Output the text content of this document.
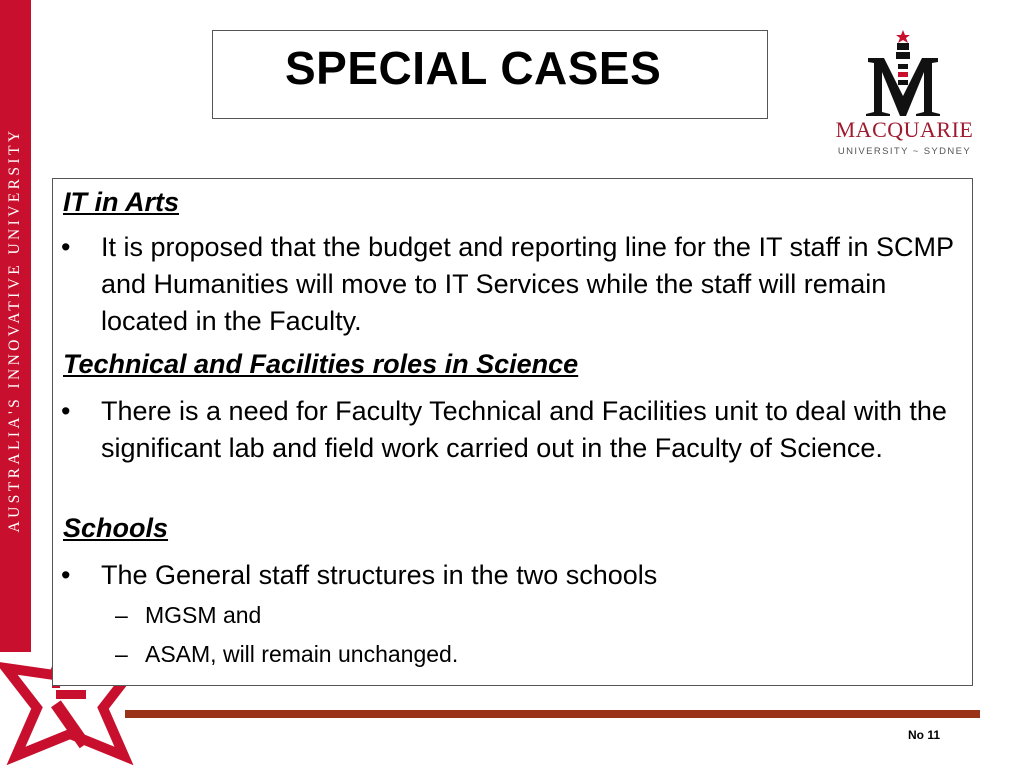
AUSTRALIA'S INNOVATIVE UNIVERSITY
SPECIAL CASES
MACQUARIE
UNIVERSITY ~ SYDNEY

IT in Arts

•	It is proposed that the budget and reporting line for the IT staff in SCMP and Humanities will move to IT Services while the staff will remain located in the Faculty.

Technical and Facilities roles in Science

•	There is a need for Faculty Technical and Facilities unit to deal with the significant lab and field work carried out in the Faculty of Science.

Schools

•	The General staff structures in the two schools

– MGSM and

– ASAM, will remain unchanged.

No 11
